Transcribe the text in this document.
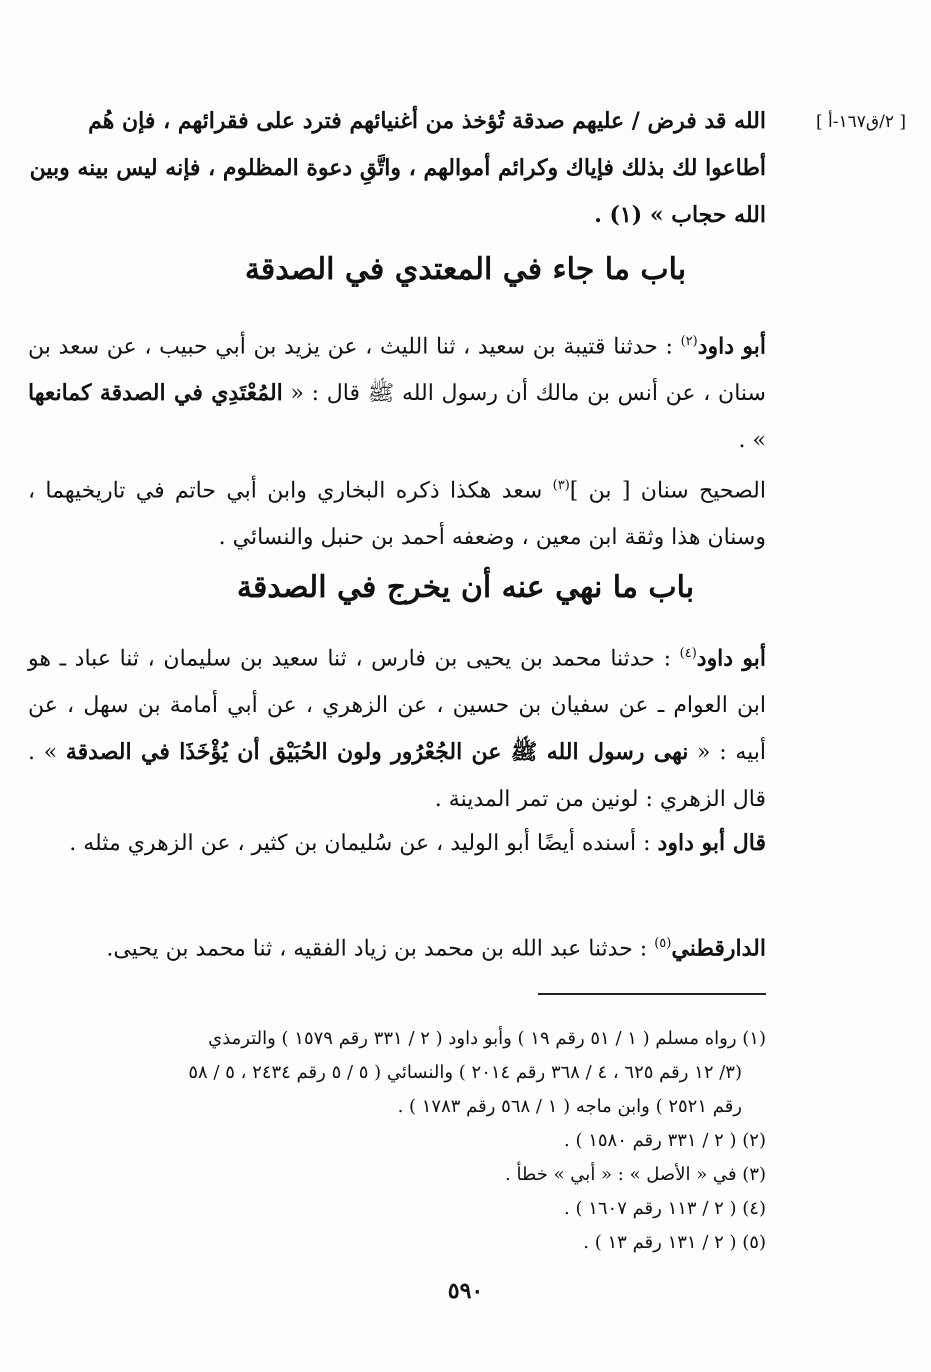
[ ٢/ق١٦٧-أ ]

الله قد فرض / عليهم صدقة تُؤخذ من أغنيائهم فترد على فقرائهم ، فإن هُم

أطاعوا لك بذلك فإياك وكرائم أموالهم ، واتَّقِ دعوة المظلوم ، فإنه ليس بينه وبين

الله حجاب » (١) .

باب ما جاء في المعتدي في الصدقة

أبو داود$^{(٢)}$ : حدثنا قتيبة بن سعيد ، ثنا الليث ، عن يزيد بن أبي حبيب ، عن سعد بن سنان ، عن أنس بن مالك أن رسول الله ﷺ قال : « المُعْتَدِي في الصدقة كمانعها » .

الصحيح سنان [ بن ]$^{(٣)}$ سعد هكذا ذكره البخاري وابن أبي حاتم في تاريخيهما ، وسنان هذا وثقة ابن معين ، وضعفه أحمد بن حنبل والنسائي .

باب ما نهي عنه أن يخرج في الصدقة

أبو داود$^{(٤)}$ : حدثنا محمد بن يحيى بن فارس ، ثنا سعيد بن سليمان ، ثنا عباد ـ هو ابن العوام ـ عن سفيان بن حسين ، عن الزهري ، عن أبي أمامة بن سهل ، عن أبيه : « نهى رسول الله ﷺ عن الجُعْرُور ولون الحُبَيْق أن يُؤْخَذَا في الصدقة » . قال الزهري : لونين من تمر المدينة .

قال أبو داود : أسنده أيضًا أبو الوليد ، عن سُليمان بن كثير ، عن الزهري مثله .

الدارقطني$^{(٥)}$ : حدثنا عبد الله بن محمد بن زياد الفقيه ، ثنا محمد بن يحيى.

(١) رواه مسلم ( ١ / ٥١ رقم ١٩ ) وأبو داود ( ٢ / ٣٣١ رقم ١٥٧٩ ) والترمذي
(٣/ ١٢ رقم ٦٢٥ ، ٤ / ٣٦٨ رقم ٢٠١٤ ) والنسائي ( ٥ / ٥ رقم ٢٤٣٤ ، ٥ / ٥٨
رقم ٢٥٢١ ) وابن ماجه ( ١ / ٥٦٨ رقم ١٧٨٣ ) .
(٢) ( ٢ / ٣٣١ رقم ١٥٨٠ ) .
(٣) في « الأصل » : « أبي » خطأ .
(٤) ( ٢ / ١١٣ رقم ١٦٠٧ ) .
(٥) ( ٢ / ١٣١ رقم ١٣ ) .
٥٩٠
